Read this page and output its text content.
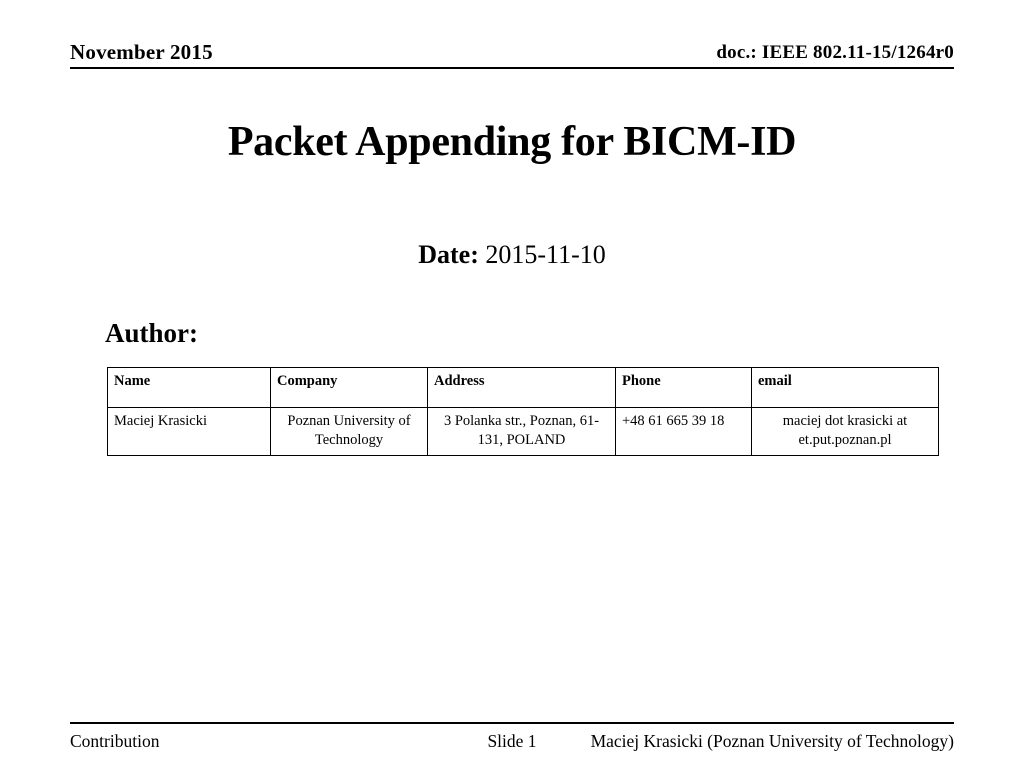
November 2015	doc.: IEEE 802.11-15/1264r0
Packet Appending for BICM-ID
Date: 2015-11-10
Author:
Name	Company	Address	Phone	email
Maciej Krasicki	Poznan University of Technology	3 Polanka str., Poznan, 61-131, POLAND	+48 61 665 39 18	maciej dot krasicki at et.put.poznan.pl
Contribution	Slide 1	Maciej Krasicki (Poznan University of Technology)
